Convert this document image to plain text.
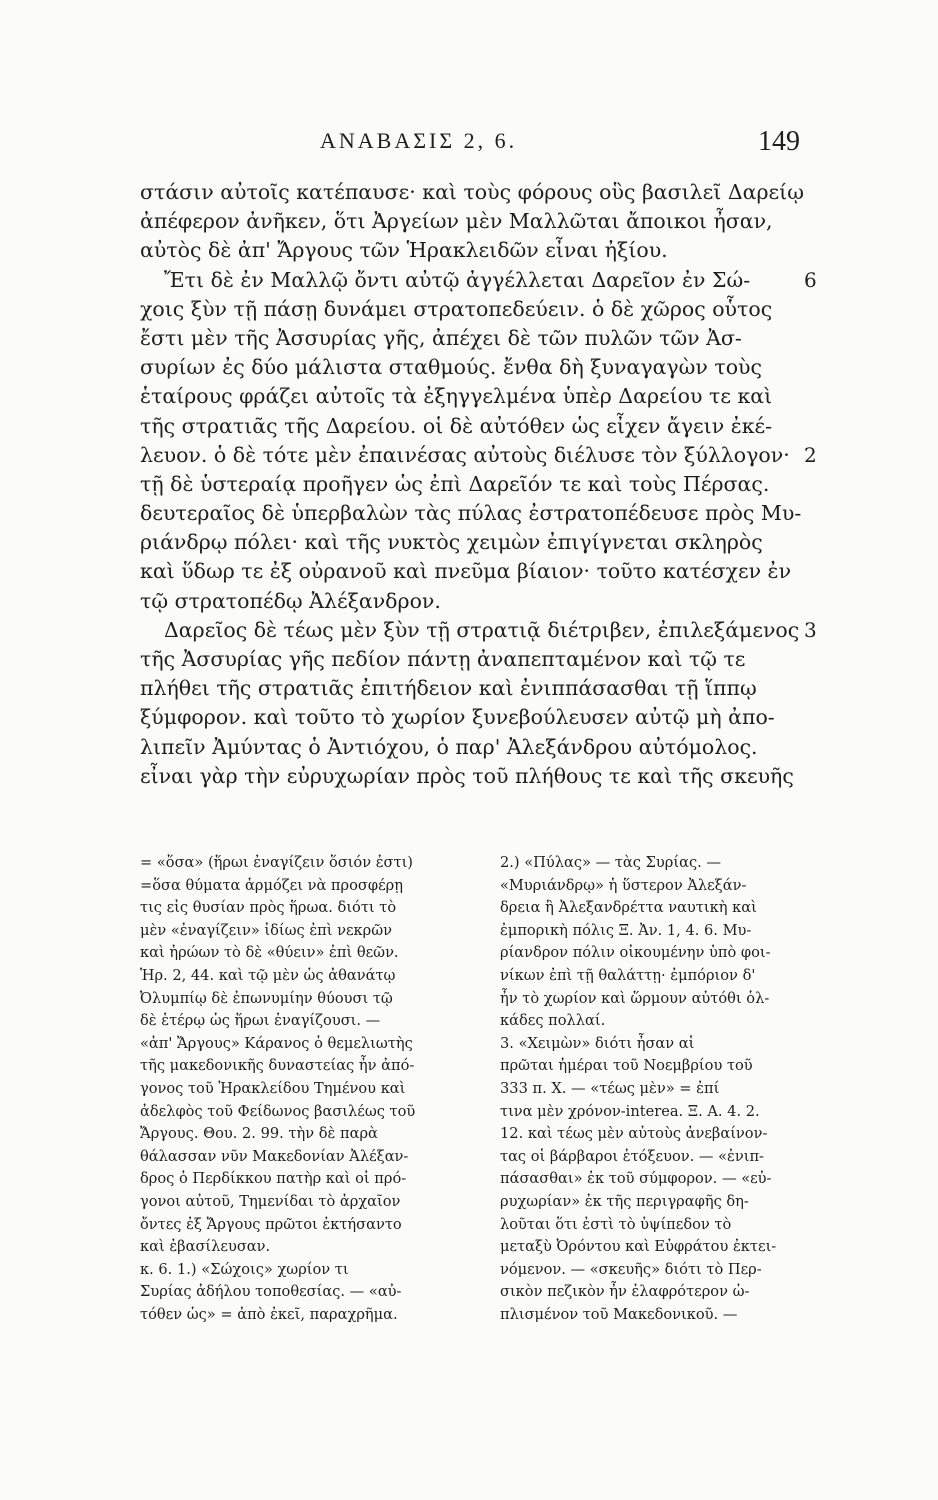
ΑΝΑΒΑΣΙΣ 2, 6.	149
στάσιν αὐτοῖς κατέπαυσε· καὶ τοὺς φόρους οὓς βασιλεῖ Δαρείῳ
ἀπέφερον ἀνῆκεν, ὅτι Ἀργείων μὲν Μαλλῶται ἄποικοι ἦσαν,
αὐτὸς δὲ ἀπ' Ἄργους τῶν Ἡρακλειδῶν εἶναι ἠξίου.
Ἔτι δὲ ἐν Μαλλῷ ὄντι αὐτῷ ἀγγέλλεται Δαρεῖον ἐν Σώ-	6
χοις ξὺν τῇ πάσῃ δυνάμει στρατοπεδεύειν. ὁ δὲ χῶρος οὗτος
ἔστι μὲν τῆς Ἀσσυρίας γῆς, ἀπέχει δὲ τῶν πυλῶν τῶν Ἀσ-
συρίων ἐς δύο μάλιστα σταθμούς. ἔνθα δὴ ξυναγαγὼν τοὺς
ἑταίρους φράζει αὐτοῖς τὰ ἐξηγγελμένα ὑπὲρ Δαρείου τε καὶ
τῆς στρατιᾶς τῆς Δαρείου. οἱ δὲ αὐτόθεν ὡς εἶχεν ἄγειν ἐκέ-
λευον. ὁ δὲ τότε μὲν ἐπαινέσας αὐτοὺς διέλυσε τὸν ξύλλογον· 2
τῇ δὲ ὑστεραίᾳ προῆγεν ὡς ἐπὶ Δαρεῖόν τε καὶ τοὺς Πέρσας.
δευτεραῖος δὲ ὑπερβαλὼν τὰς πύλας ἐστρατοπέδευσε πρὸς Μυ-
ριάνδρῳ πόλει· καὶ τῆς νυκτὸς χειμὼν ἐπιγίγνεται σκληρὸς
καὶ ὕδωρ τε ἐξ οὐρανοῦ καὶ πνεῦμα βίαιον· τοῦτο κατέσχεν ἐν
τῷ στρατοπέδῳ Ἀλέξανδρον.
Δαρεῖος δὲ τέως μὲν ξὺν τῇ στρατιᾷ διέτριβεν, ἐπιλεξάμενος 3
τῆς Ἀσσυρίας γῆς πεδίον πάντῃ ἀναπεπταμένον καὶ τῷ τε
πλήθει τῆς στρατιᾶς ἐπιτήδειον καὶ ἐνιππάσασθαι τῇ ἵππῳ
ξύμφορον. καὶ τοῦτο τὸ χωρίον ξυνεβούλευσεν αὐτῷ μὴ ἀπο-
λιπεῖν Ἀμύντας ὁ Ἀντιόχου, ὁ παρ' Ἀλεξάνδρου αὐτόμολος.
εἶναι γὰρ τὴν εὐρυχωρίαν πρὸς τοῦ πλήθους τε καὶ τῆς σκευῆς
= «ὅσα» (ἥρωι ἐναγίζειν ὅσιόν ἐστι)
=ὅσα θύματα ἁρμόζει νὰ προσφέρῃ
τις εἰς θυσίαν πρὸς ἥρωα. διότι τὸ
μὲν «ἐναγίζειν» ἰδίως ἐπὶ νεκρῶν
καὶ ἡρώων τὸ δὲ «θύειν» ἐπὶ θεῶν.
Ἡρ. 2, 44. καὶ τῷ μὲν ὡς ἀθανάτῳ
Ὀλυμπίῳ δὲ ἐπωνυμίην θύουσι τῷ
δὲ ἑτέρῳ ὡς ἥρωι ἐναγίζουσι. —
«ἀπ' Ἄργους» Κάρανος ὁ θεμελιωτὴς
τῆς μακεδονικῆς δυναστείας ἦν ἀπό-
γονος τοῦ Ἡρακλείδου Τημένου καὶ
ἀδελφὸς τοῦ Φείδωνος βασιλέως τοῦ
Ἄργους. Θου. 2. 99. τὴν δὲ παρὰ
θάλασσαν νῦν Μακεδονίαν Ἀλέξαν-
δρος ὁ Περδίκκου πατὴρ καὶ οἱ πρό-
γονοι αὐτοῦ, Τημενίδαι τὸ ἀρχαῖον
ὄντες ἐξ Ἄργους πρῶτοι ἐκτήσαντο
καὶ ἐβασίλευσαν.
κ. 6. 1.) «Σώχοις» χωρίον τι
Συρίας ἀδήλου τοποθεσίας. — «αὐ-
τόθεν ὡς» = ἀπὸ ἐκεῖ, παραχρῆμα.
2.) «Πύλας» — τὰς Συρίας. —
«Μυριάνδρῳ» ἡ ὕστερον Ἀλεξάν-
δρεια ἢ Ἀλεξανδρέττα ναυτικὴ καὶ
ἐμπορικὴ πόλις Ξ. Ἀν. 1, 4. 6. Μυ-
ρίανδρον πόλιν οἰκουμένην ὑπὸ φοι-
νίκων ἐπὶ τῇ θαλάττῃ· ἐμπόριον δ'
ἦν τὸ χωρίον καὶ ὥρμουν αὐτόθι ὁλ-
κάδες πολλαί.
3. «Χειμὼν» διότι ἦσαν αἱ
πρῶται ἡμέραι τοῦ Νοεμβρίου τοῦ
333 π. Χ. — «τέως μὲν» = ἐπί
τινα μὲν χρόνον-interea. Ξ. Α. 4. 2.
12. καὶ τέως μὲν αὐτοὺς ἀνεβαίνον-
τας οἱ βάρβαροι ἐτόξευον. — «ἐνιπ-
πάσασθαι» ἐκ τοῦ σύμφορον. — «εὐ-
ρυχωρίαν» ἐκ τῆς περιγραφῆς δη-
λοῦται ὅτι ἐστὶ τὸ ὑψίπεδον τὸ
μεταξὺ Ὀρόντου καὶ Εὐφράτου ἐκτει-
νόμενον. — «σκευῆς» διότι τὸ Περ-
σικὸν πεζικὸν ἦν ἐλαφρότερον ὡ-
πλισμένον τοῦ Μακεδονικοῦ. —
